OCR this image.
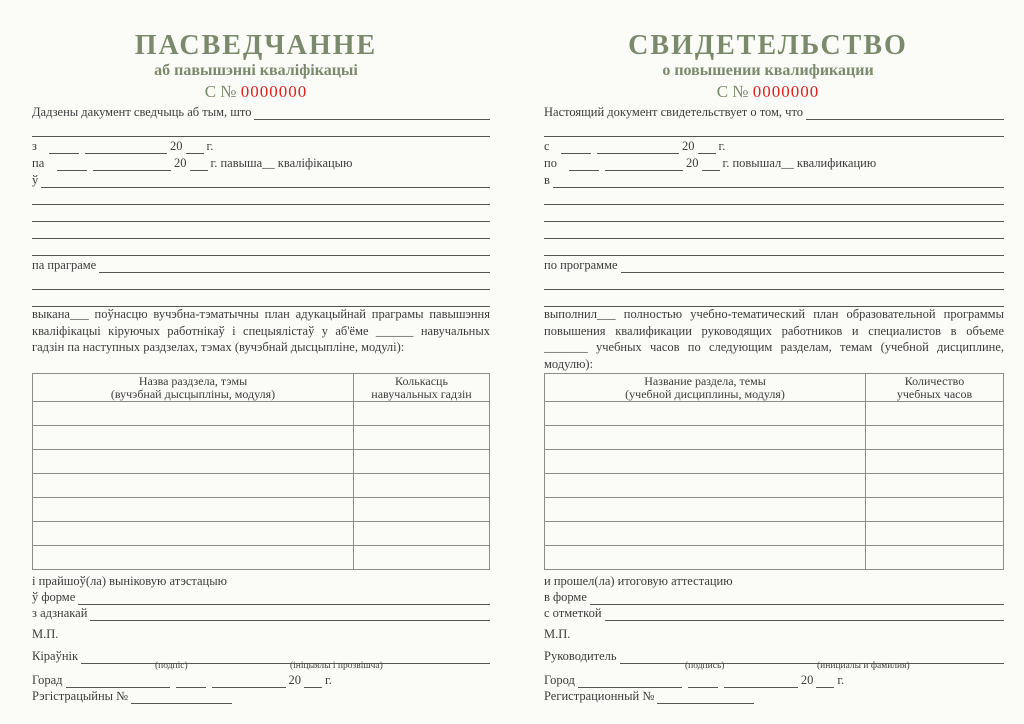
ПАСВЕДЧАННЕ
аб павышэнні кваліфікацыі
С № 0000000
Дадзены дакумент сведчыць аб тым, што
з	20 г.
па	20 г. павыша__ кваліфікацыю
ў
па праграме
выкана___ поўнасцю вучэбна-тэматычны план адукацыйнай праграмы павышэння кваліфікацыі кіруючых работнікаў і спецыялістаў у аб'ёме ______ навучальных гадзін па наступных раздзелах, тэмах (вучэбнай дысцыпліне, модулі):
Назва раздзела, тэмы
(вучэбнай дысцыпліны, модуля)	Колькасць
навучальных гадзін

і прайшоў(ла) выніковую атэстацыю
ў форме
з адзнакай
М.П.
Кіраўнік
(подпіс)	(ініцыялы і прозвішча)
Горад	20 г.
Рэгістрацыйны №
СВИДЕТЕЛЬСТВО
о повышении квалификации
С № 0000000
Настоящий документ свидетельствует о том, что
с	20 г.
по	20 г. повышал__ квалификацию
в
по программе
выполнил___ полностью учебно-тематический план образовательной программы повышения квалификации руководящих работников и специалистов в объеме _______ учебных часов по следующим разделам, темам (учебной дисциплине, модулю):
Название раздела, темы
(учебной дисциплины, модуля)	Количество
учебных часов

и прошел(ла) итоговую аттестацию
в форме
с отметкой
М.П.
Руководитель
(подпись)	(инициалы и фамилия)
Город	20 г.
Регистрационный №
